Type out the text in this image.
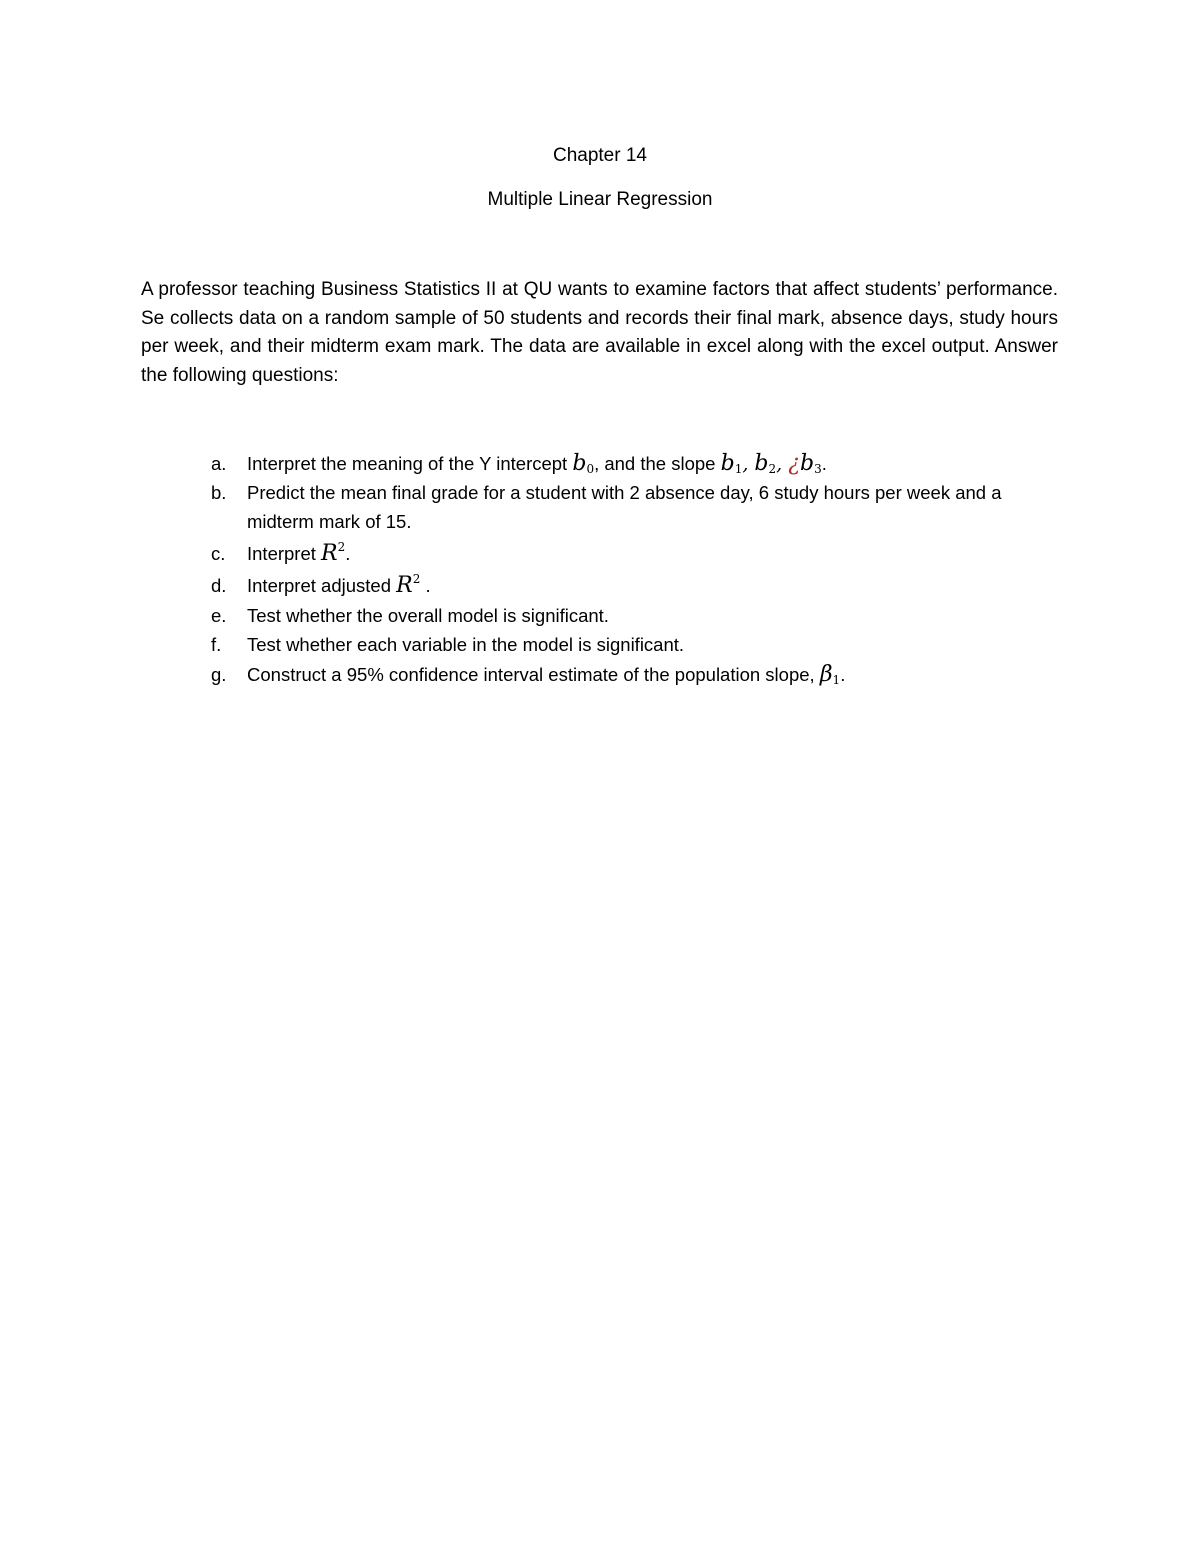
Chapter 14
Multiple Linear Regression

A professor teaching Business Statistics II at QU wants to examine factors that affect students’ performance. Se collects data on a random sample of 50 students and records their final mark, absence days, study hours per week, and their midterm exam mark. The data are available in excel along with the excel output. Answer the following questions:

a. Interpret the meaning of the Y intercept $b_0$, and the slope $b_1$, $b_2$, ¿$b_3$.
b. Predict the mean final grade for a student with 2 absence day, 6 study hours per week and a midterm mark of 15.
c. Interpret $R^2$.
d. Interpret adjusted $R^2$ .
e. Test whether the overall model is significant.
f. Test whether each variable in the model is significant.
g. Construct a 95% confidence interval estimate of the population slope, $\beta_1$.
